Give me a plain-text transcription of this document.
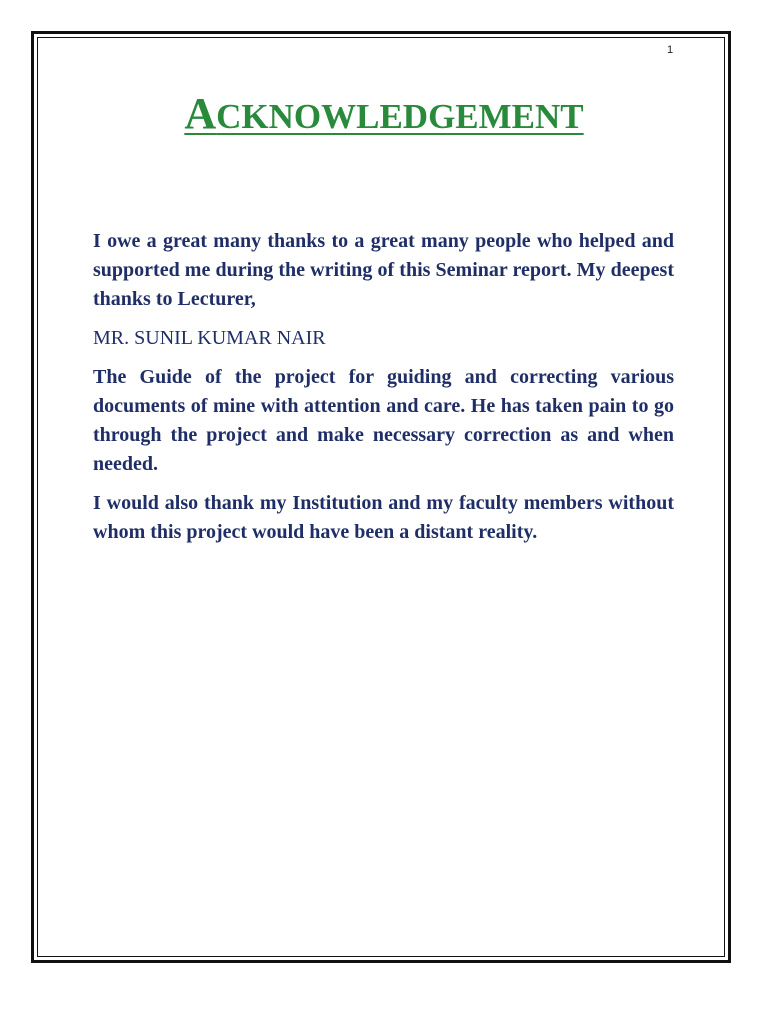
1
ACKNOWLEDGEMENT

I owe a great many thanks to a great many people who helped and supported me during the writing of this Seminar report. My deepest thanks to Lecturer,

MR. SUNIL KUMAR NAIR

The Guide of the project for guiding and correcting various documents of mine with attention and care. He has taken pain to go through the project and make necessary correction as and when needed.

I would also thank my Institution and my faculty members without whom this project would have been a distant reality.
